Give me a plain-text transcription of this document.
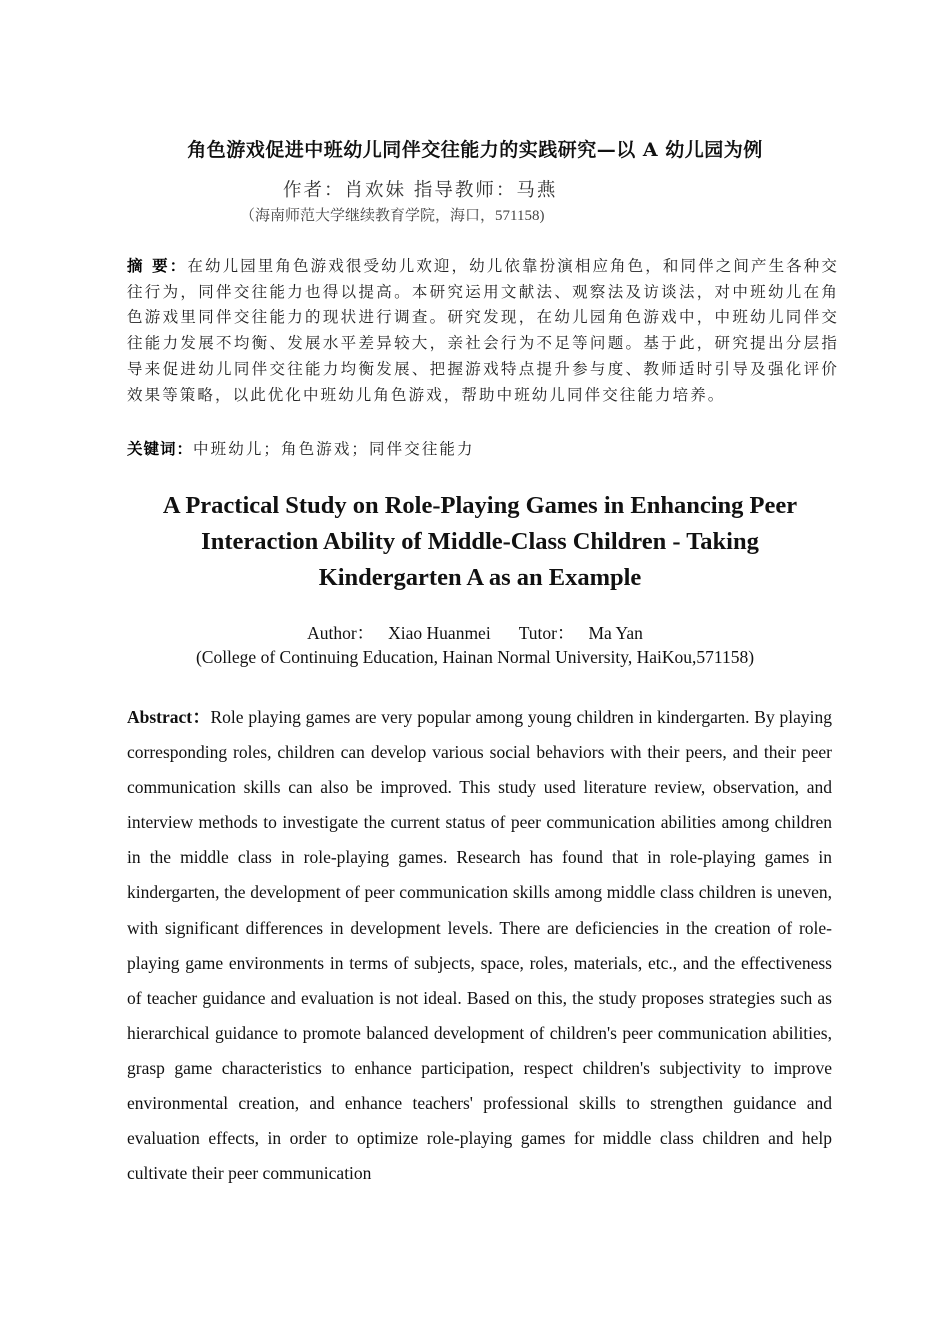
角色游戏促进中班幼儿同伴交往能力的实践研究—以 A 幼儿园为例
作者：肖欢妹 指导教师：马燕
（海南师范大学继续教育学院，海口，571158)
摘 要：在幼儿园里角色游戏很受幼儿欢迎，幼儿依靠扮演相应角色，和同伴之间产生各种交往行为，同伴交往能力也得以提高。本研究运用文献法、观察法及访谈法，对中班幼儿在角色游戏里同伴交往能力的现状进行调查。研究发现，在幼儿园角色游戏中，中班幼儿同伴交往能力发展不均衡、发展水平差异较大，亲社会行为不足等问题。基于此，研究提出分层指导来促进幼儿同伴交往能力均衡发展、把握游戏特点提升参与度、教师适时引导及强化评价效果等策略，以此优化中班幼儿角色游戏，帮助中班幼儿同伴交往能力培养。
关键词：中班幼儿；角色游戏；同伴交往能力
A Practical Study on Role-Playing Games in Enhancing Peer Interaction Ability of Middle-Class Children - Taking Kindergarten A as an Example
Author： Xiao Huanmei Tutor： Ma Yan
(College of Continuing Education, Hainan Normal University, HaiKou,571158)
Abstract：Role playing games are very popular among young children in kindergarten. By playing corresponding roles, children can develop various social behaviors with their peers, and their peer communication skills can also be improved. This study used literature review, observation, and interview methods to investigate the current status of peer communication abilities among children in the middle class in role-playing games. Research has found that in role-playing games in kindergarten, the development of peer communication skills among middle class children is uneven, with significant differences in development levels. There are deficiencies in the creation of role-playing game environments in terms of subjects, space, roles, materials, etc., and the effectiveness of teacher guidance and evaluation is not ideal. Based on this, the study proposes strategies such as hierarchical guidance to promote balanced development of children's peer communication abilities, grasp game characteristics to enhance participation, respect children's subjectivity to improve environmental creation, and enhance teachers' professional skills to strengthen guidance and evaluation effects, in order to optimize role-playing games for middle class children and help cultivate their peer communication
